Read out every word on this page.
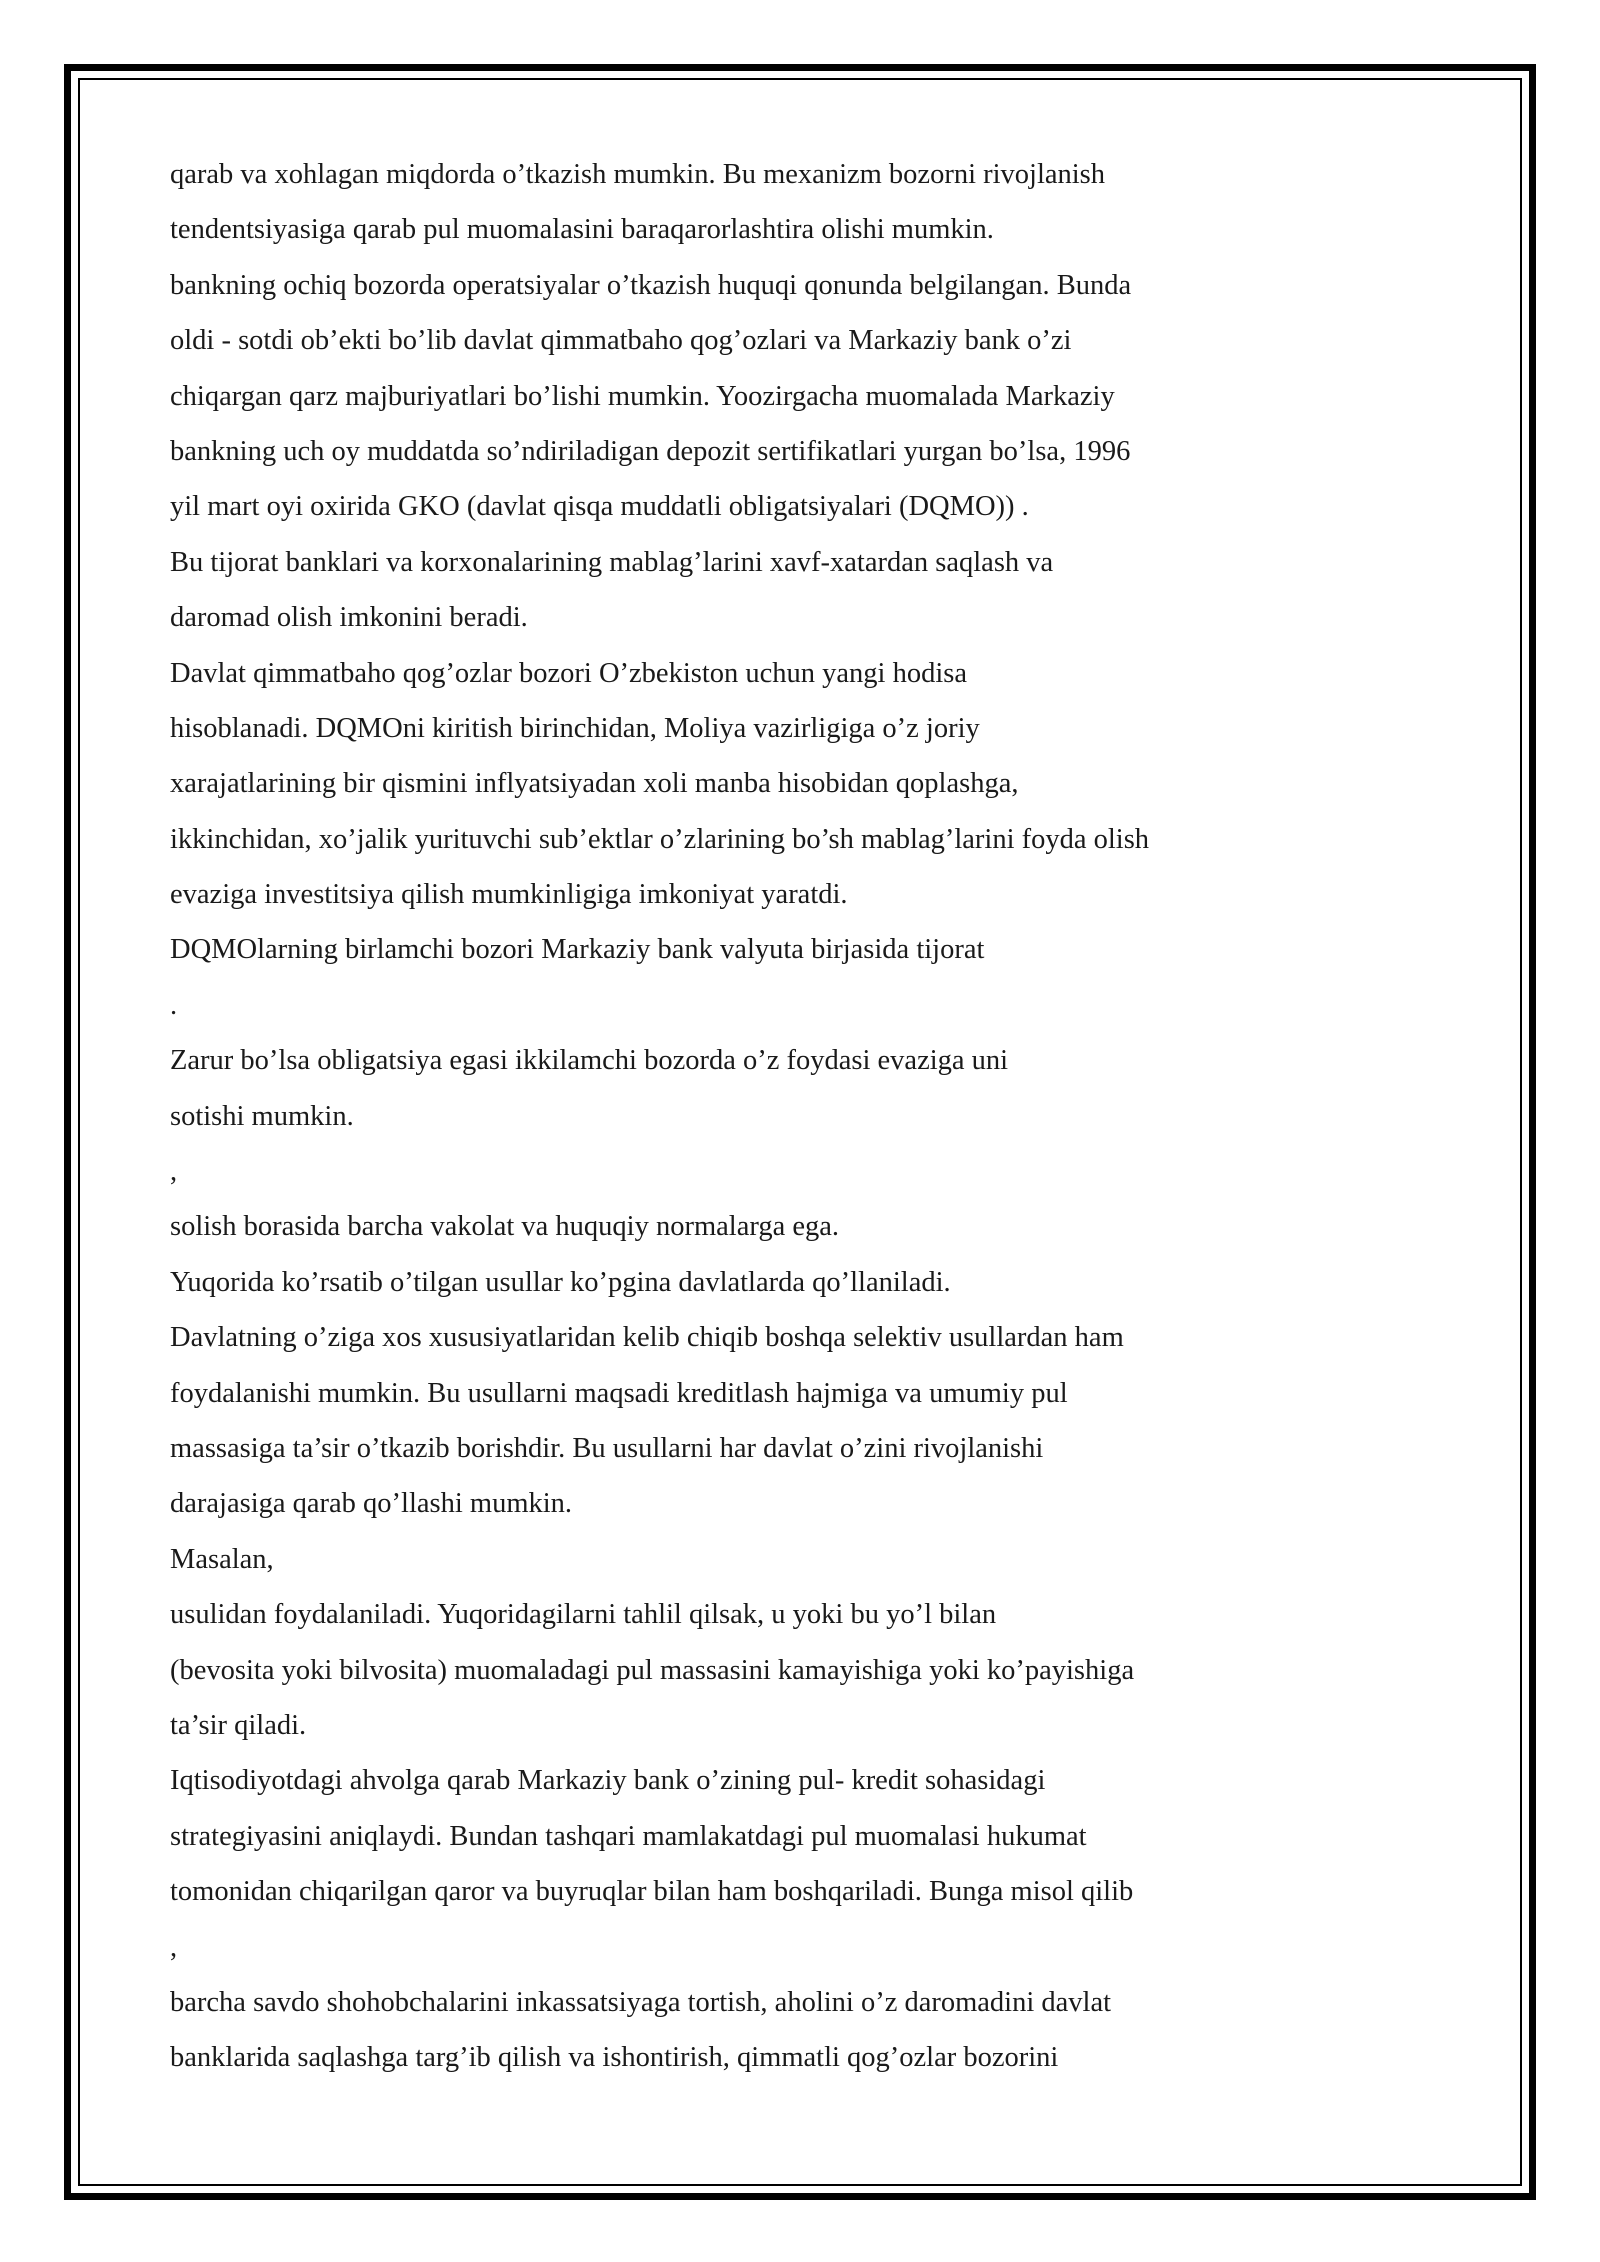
qarab va xohlagan miqdorda o’tkazish mumkin. Bu mexanizm bozorni rivojlanish
tendentsiyasiga qarab pul muomalasini baraqarorlashtira olishi mumkin.
bankning ochiq bozorda operatsiyalar o’tkazish huquqi qonunda belgilangan. Bunda
oldi - sotdi ob’ekti bo’lib davlat qimmatbaho qog’ozlari va Markaziy bank o’zi
chiqargan qarz majburiyatlari bo’lishi mumkin. Yoozirgacha muomalada Markaziy
bankning uch oy muddatda so’ndiriladigan depozit sertifikatlari yurgan bo’lsa, 1996
yil mart oyi oxirida GKO (davlat qisqa muddatli obligatsiyalari (DQMO)) .
Bu tijorat banklari va korxonalarining mablag’larini xavf-xatardan saqlash va
daromad olish imkonini beradi.
Davlat qimmatbaho qog’ozlar bozori O’zbekiston uchun yangi hodisa
hisoblanadi. DQMOni kiritish birinchidan, Moliya vazirligiga o’z joriy
xarajatlarining bir qismini inflyatsiyadan xoli manba hisobidan qoplashga,
ikkinchidan, xo’jalik yurituvchi sub’ektlar o’zlarining bo’sh mablag’larini foyda olish
evaziga investitsiya qilish mumkinligiga imkoniyat yaratdi.
DQMOlarning birlamchi bozori Markaziy bank valyuta birjasida tijorat
.
Zarur bo’lsa obligatsiya egasi ikkilamchi bozorda o’z foydasi evaziga uni
sotishi mumkin.
,
solish borasida barcha vakolat va huquqiy normalarga ega.
Yuqorida ko’rsatib o’tilgan usullar ko’pgina davlatlarda qo’llaniladi.
Davlatning o’ziga xos xususiyatlaridan kelib chiqib boshqa selektiv usullardan ham
foydalanishi mumkin. Bu usullarni maqsadi kreditlash hajmiga va umumiy pul
massasiga ta’sir o’tkazib borishdir. Bu usullarni har davlat o’zini rivojlanishi
darajasiga qarab qo’llashi mumkin.
Masalan,
usulidan foydalaniladi. Yuqoridagilarni tahlil qilsak, u yoki bu yo’l bilan
(bevosita yoki bilvosita) muomaladagi pul massasini kamayishiga yoki ko’payishiga
ta’sir qiladi.
Iqtisodiyotdagi ahvolga qarab Markaziy bank o’zining pul- kredit sohasidagi
strategiyasini aniqlaydi. Bundan tashqari mamlakatdagi pul muomalasi hukumat
tomonidan chiqarilgan qaror va buyruqlar bilan ham boshqariladi. Bunga misol qilib
,
barcha savdo shohobchalarini inkassatsiyaga tortish, aholini o’z daromadini davlat
banklarida saqlashga targ’ib qilish va ishontirish, qimmatli qog’ozlar bozorini
